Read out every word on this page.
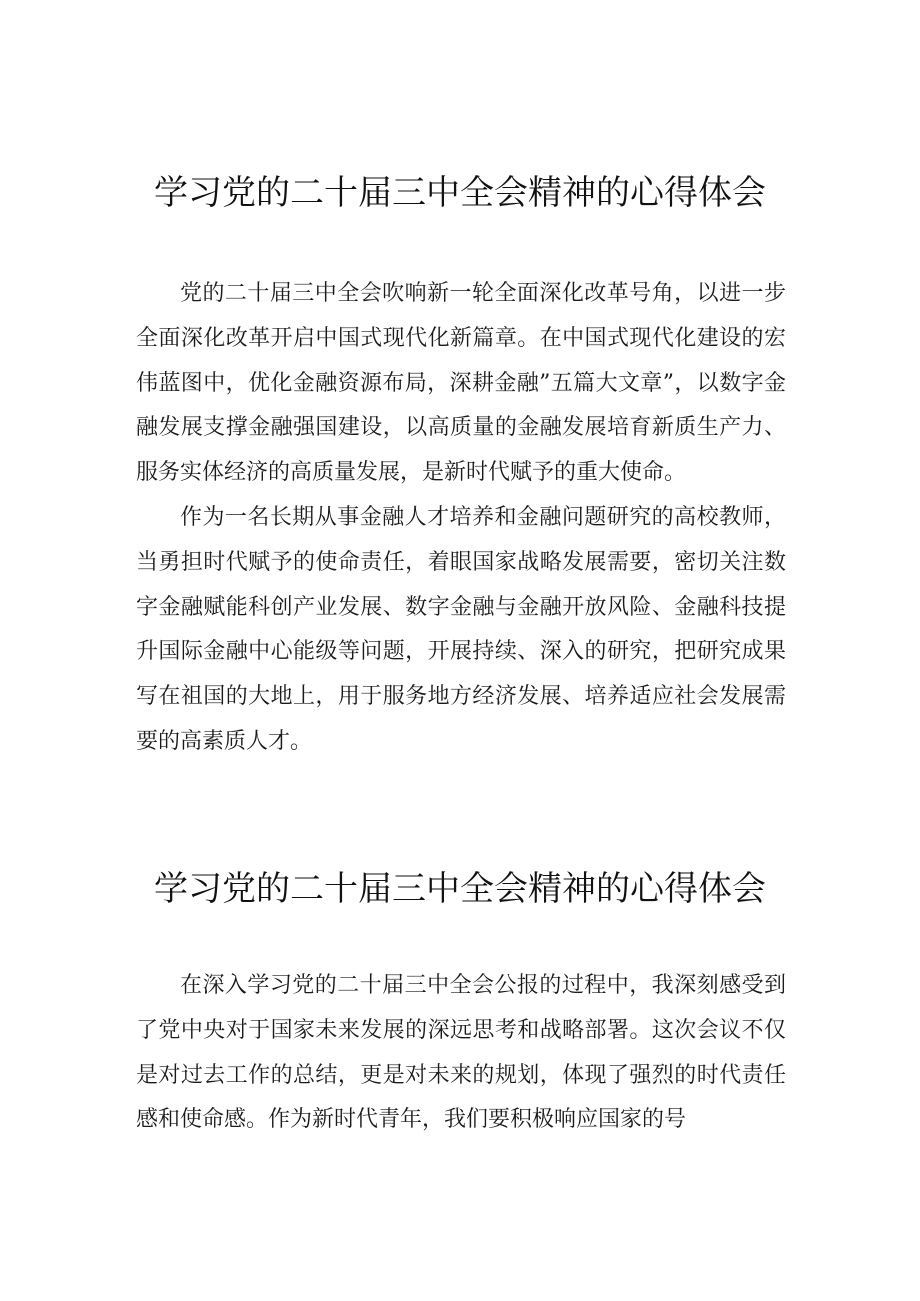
学习党的二十届三中全会精神的心得体会

党的二十届三中全会吹响新一轮全面深化改革号角，以进一步全面深化改革开启中国式现代化新篇章。在中国式现代化建设的宏伟蓝图中，优化金融资源布局，深耕金融”五篇大文章”，以数字金融发展支撑金融强国建设，以高质量的金融发展培育新质生产力、服务实体经济的高质量发展，是新时代赋予的重大使命。

作为一名长期从事金融人才培养和金融问题研究的高校教师，当勇担时代赋予的使命责任，着眼国家战略发展需要，密切关注数字金融赋能科创产业发展、数字金融与金融开放风险、金融科技提升国际金融中心能级等问题，开展持续、深入的研究，把研究成果写在祖国的大地上，用于服务地方经济发展、培养适应社会发展需要的高素质人才。

学习党的二十届三中全会精神的心得体会

在深入学习党的二十届三中全会公报的过程中，我深刻感受到了党中央对于国家未来发展的深远思考和战略部署。这次会议不仅是对过去工作的总结，更是对未来的规划，体现了强烈的时代责任感和使命感。作为新时代青年，我们要积极响应国家的号
